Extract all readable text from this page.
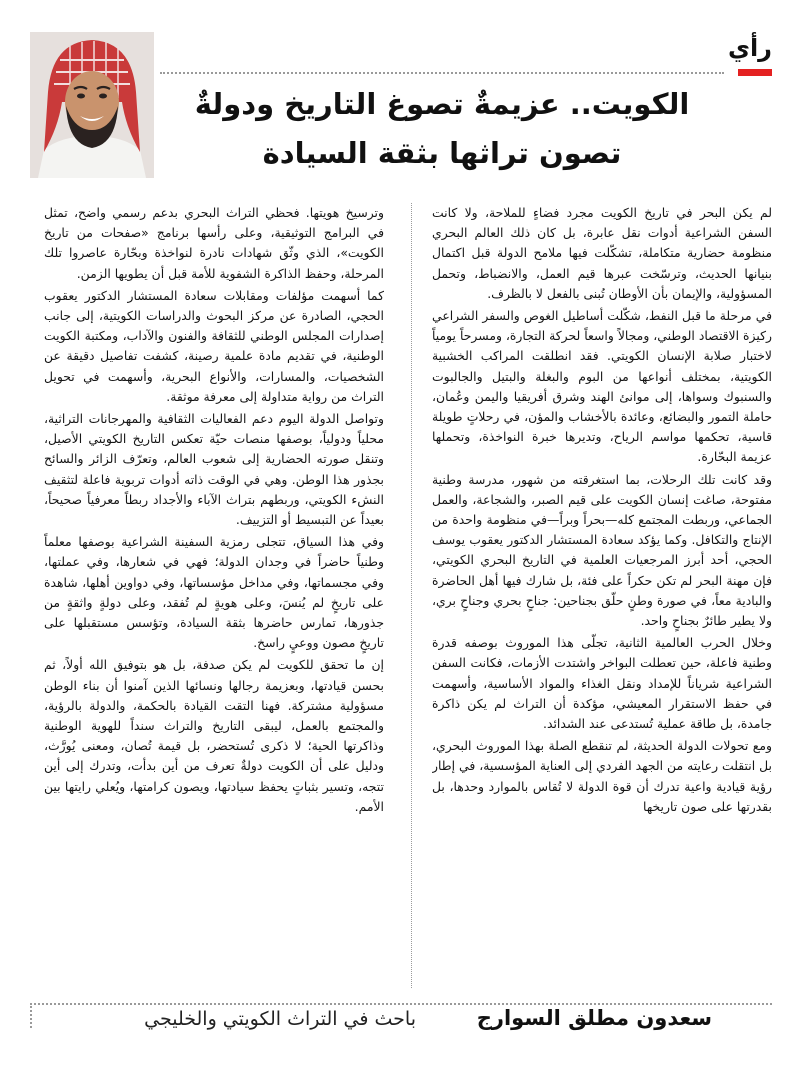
رأي
الكويت.. عزيمةٌ تصوغ التاريخ ودولةٌ
تصون تراثها بثقة السيادة

لم يكن البحر في تاريخ الكويت مجرد فضاءٍ للملاحة، ولا كانت السفن الشراعية أدوات نقل عابرة، بل كان ذلك العالم البحري منظومة حضارية متكاملة، تشكّلت فيها ملامح الدولة قبل اكتمال بنيانها الحديث، وترسّخت عبرها قيم العمل، والانضباط، وتحمل المسؤولية، والإيمان بأن الأوطان تُبنى بالفعل لا بالظرف.

في مرحلة ما قبل النفط، شكّلت أساطيل الغوص والسفر الشراعي ركيزة الاقتصاد الوطني، ومجالاً واسعاً لحركة التجارة، ومسرحاً يومياً لاختبار صلابة الإنسان الكويتي. فقد انطلقت المراكب الخشبية الكويتية، بمختلف أنواعها من البوم والبغلة والبتيل والجالبوت والسنبوك وسواها، إلى موانئ الهند وشرق أفريقيا واليمن وعُمان، حاملة التمور والبضائع، وعائدة بالأخشاب والمؤن، في رحلاتٍ طويلة قاسية، تحكمها مواسم الرياح، وتديرها خبرة النواخذة، وتحملها عزيمة البحّارة.

وقد كانت تلك الرحلات، بما استغرقته من شهور، مدرسة وطنية مفتوحة، صاغت إنسان الكويت على قيم الصبر، والشجاعة، والعمل الجماعي، وربطت المجتمع كله—بحراً وبراً—في منظومة واحدة من الإنتاج والتكافل. وكما يؤكد سعادة المستشار الدكتور يعقوب يوسف الحجي، أحد أبرز المرجعيات العلمية في التاريخ البحري الكويتي، فإن مهنة البحر لم تكن حكراً على فئة، بل شارك فيها أهل الحاضرة والبادية معاً، في صورة وطنٍ حلّق بجناحين: جناحٍ بحري وجناحٍ بري، ولا يطير طائرٌ بجناحٍ واحد.

وخلال الحرب العالمية الثانية، تجلّى هذا الموروث بوصفه قدرة وطنية فاعلة، حين تعطلت البواخر واشتدت الأزمات، فكانت السفن الشراعية شرياناً للإمداد ونقل الغذاء والمواد الأساسية، وأسهمت في حفظ الاستقرار المعيشي، مؤكدة أن التراث لم يكن ذاكرة جامدة، بل طاقة عملية تُستدعى عند الشدائد.

ومع تحولات الدولة الحديثة، لم تنقطع الصلة بهذا الموروث البحري، بل انتقلت رعايته من الجهد الفردي إلى العناية المؤسسية، في إطار رؤية قيادية واعية تدرك أن قوة الدولة لا تُقاس بالموارد وحدها، بل بقدرتها على صون تاريخها

وترسيخ هويتها. فحظي التراث البحري بدعم رسمي واضح، تمثل في البرامج التوثيقية، وعلى رأسها برنامج «صفحات من تاريخ الكويت»، الذي وثّق شهادات نادرة لنواخذة وبحّارة عاصروا تلك المرحلة، وحفظ الذاكرة الشفوية للأمة قبل أن يطويها الزمن.

كما أسهمت مؤلفات ومقابلات سعادة المستشار الدكتور يعقوب الحجي، الصادرة عن مركز البحوث والدراسات الكويتية، إلى جانب إصدارات المجلس الوطني للثقافة والفنون والآداب، ومكتبة الكويت الوطنية، في تقديم مادة علمية رصينة، كشفت تفاصيل دقيقة عن الشخصيات، والمسارات، والأنواع البحرية، وأسهمت في تحويل التراث من رواية متداولة إلى معرفة موثقة.

وتواصل الدولة اليوم دعم الفعاليات الثقافية والمهرجانات التراثية، محلياً ودولياً، بوصفها منصات حيّة تعكس التاريخ الكويتي الأصيل، وتنقل صورته الحضارية إلى شعوب العالم، وتعرّف الزائر والسائح بجذور هذا الوطن. وهي في الوقت ذاته أدوات تربوية فاعلة لتثقيف النشء الكويتي، وربطهم بتراث الآباء والأجداد ربطاً معرفياً صحيحاً، بعيداً عن التبسيط أو التزييف.

وفي هذا السياق، تتجلى رمزية السفينة الشراعية بوصفها معلماً وطنياً حاضراً في وجدان الدولة؛ فهي في شعارها، وفي عملتها، وفي مجسماتها، وفي مداخل مؤسساتها، وفي دواوين أهلها، شاهدة على تاريخٍ لم يُنسَ، وعلى هويةٍ لم تُفقد، وعلى دولةٍ واثقةٍ من جذورها، تمارس حاضرها بثقة السيادة، وتؤسس مستقبلها على تاريخٍ مصون ووعيٍ راسخ.

إن ما تحقق للكويت لم يكن صدفة، بل هو بتوفيق الله أولاً، ثم بحسن قيادتها، وبعزيمة رجالها ونسائها الذين آمنوا أن بناء الوطن مسؤولية مشتركة. فهنا التقت القيادة بالحكمة، والدولة بالرؤية، والمجتمع بالعمل، ليبقى التاريخ والتراث سنداً للهوية الوطنية وذاكرتها الحية؛ لا ذكرى تُستحضر، بل قيمة تُصان، ومعنى يُورَّث، ودليل على أن الكويت دولةٌ تعرف من أين بدأت، وتدرك إلى أين تتجه، وتسير بثباتٍ يحفظ سيادتها، ويصون كرامتها، ويُعلي رايتها بين الأمم.

سعدون مطلق السوارج
باحث في التراث الكويتي والخليجي
